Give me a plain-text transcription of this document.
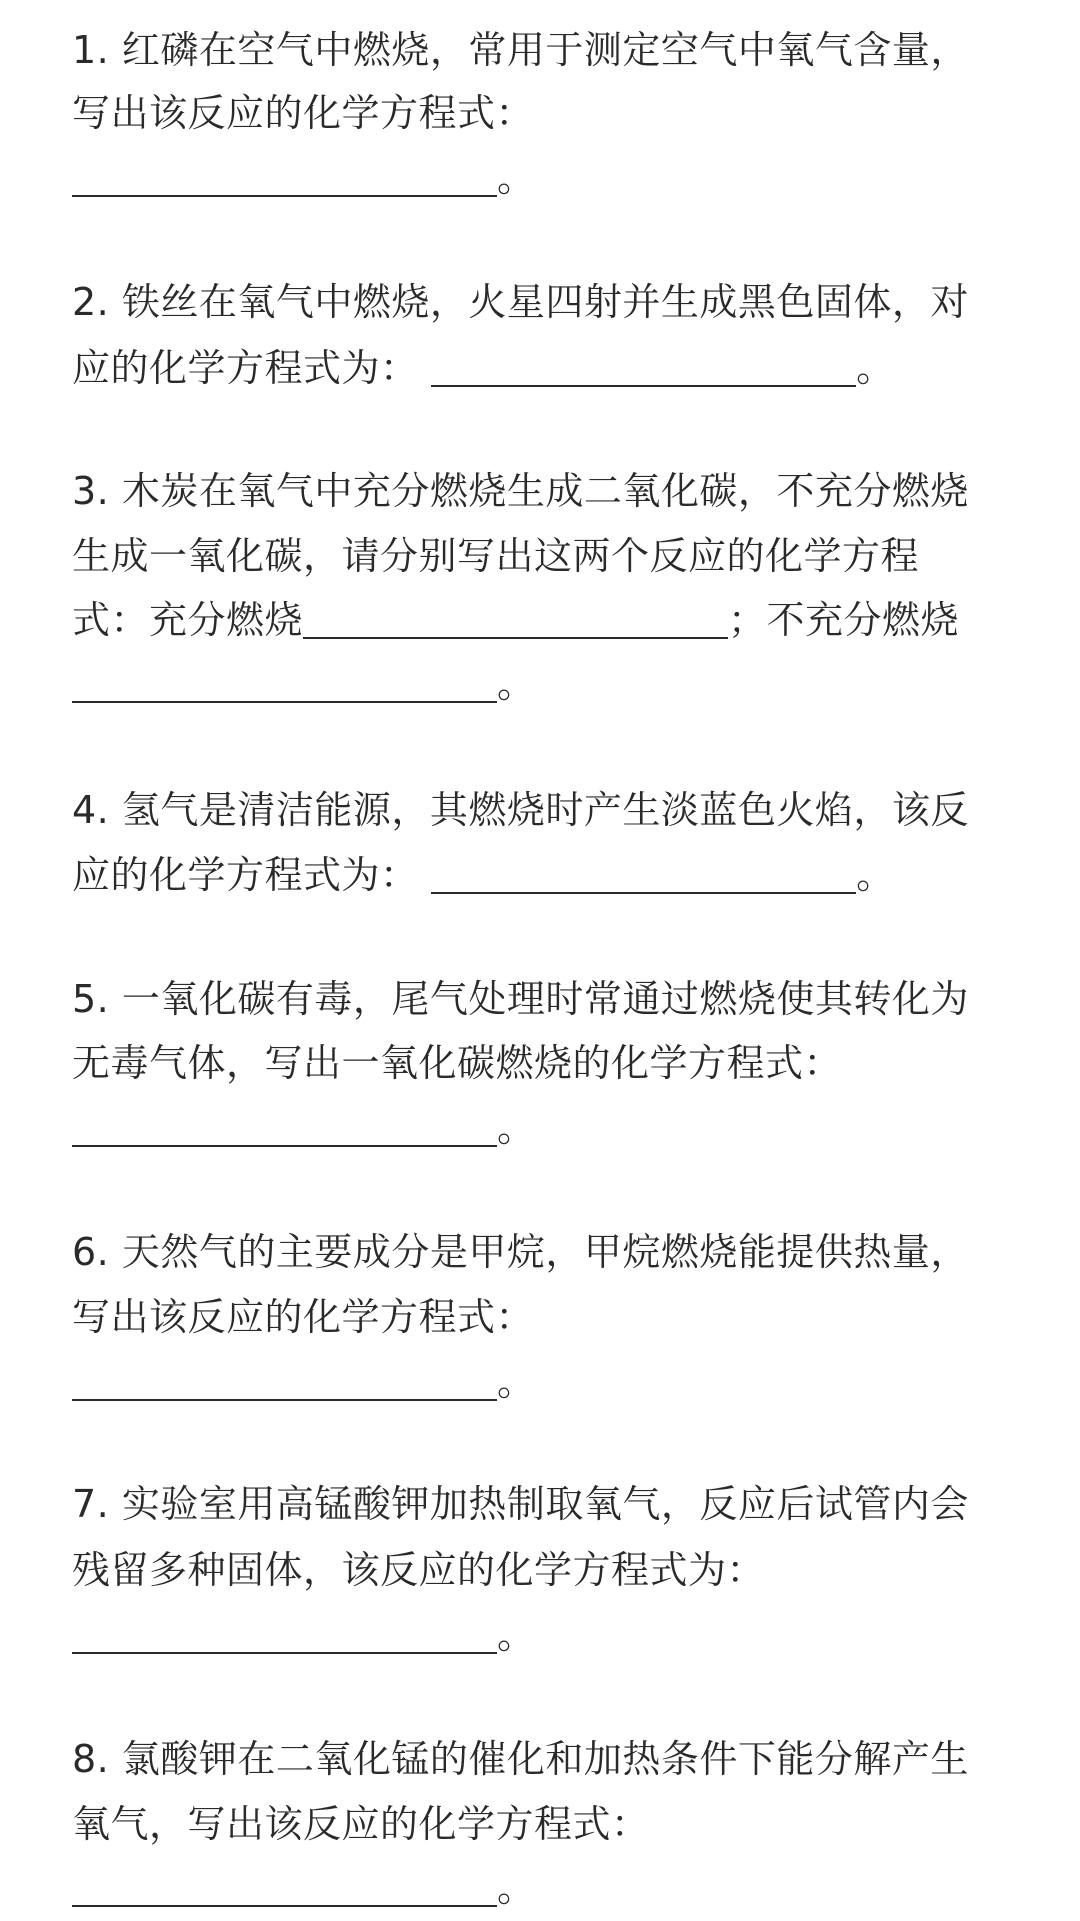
1. 红磷在空气中燃烧，常用于测定空气中氧气含量，

写出该反应的化学方程式：

。

2. 铁丝在氧气中燃烧，火星四射并生成黑色固体，对

应的化学方程式为：	。

3. 木炭在氧气中充分燃烧生成二氧化碳，不充分燃烧

生成一氧化碳，请分别写出这两个反应的化学方程

式：充分燃烧	；不充分燃烧

。

4. 氢气是清洁能源，其燃烧时产生淡蓝色火焰，该反

应的化学方程式为：	。

5. 一氧化碳有毒，尾气处理时常通过燃烧使其转化为

无毒气体，写出一氧化碳燃烧的化学方程式：

。

6. 天然气的主要成分是甲烷，甲烷燃烧能提供热量，

写出该反应的化学方程式：

。

7. 实验室用高锰酸钾加热制取氧气，反应后试管内会

残留多种固体，该反应的化学方程式为：

。

8. 氯酸钾在二氧化锰的催化和加热条件下能分解产生

氧气，写出该反应的化学方程式：

。
